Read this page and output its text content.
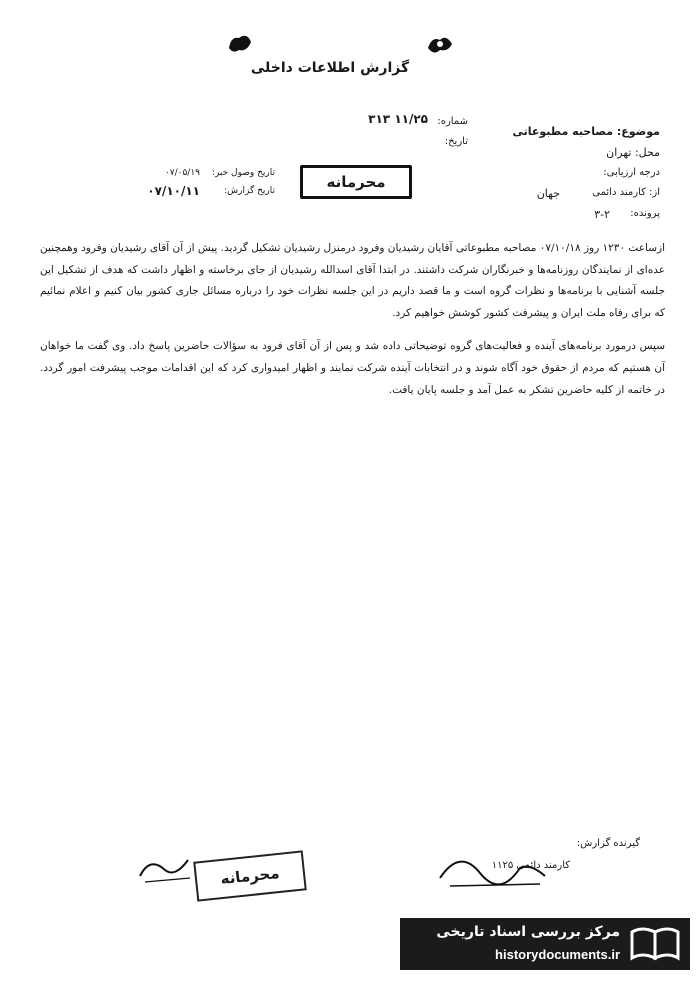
گزارش اطلاعات داخلی
شماره:
۱۱/۲۵ ۳۱۳
تاریخ:
موضوع: مصاحبه مطبوعاتی
محل: تهران
درجه ارزیابی:
محرمانه
تاریخ وصول خبر:
۰۷/۰۵/۱۹
تاریخ گزارش:
۰۷/۱۰/۱۱	از: کارمند دائمی
جهان
پرونده:
۳-۲

ازساعت ۱۲۳۰ روز ۰۷/۱۰/۱۸ مصاحبه مطبوعاتی آقایان رشیدیان وفرود درمنزل رشیدیان تشکیل گردید. پیش از آن آقای رشیدیان وفرود وهمچنین عده‌ای از نمایندگان روزنامه‌ها و خبرنگاران شرکت داشتند. در ابتدا آقای اسدالله رشیدیان از جای برخاسته و اظهار داشت که هدف از تشکیل این جلسه آشنایی با برنامه‌ها و نظرات گروه است و ما قصد داریم در این جلسه نظرات خود را درباره مسائل جاری کشور بیان کنیم و اعلام نمائیم که برای رفاه ملت ایران و پیشرفت کشور کوشش خواهیم کرد.

سپس درمورد برنامه‌های آینده و فعالیت‌های گروه توضیحاتی داده شد و پس از آن آقای فرود به سؤالات حاضرین پاسخ داد. وی گفت ما خواهان آن هستیم که مردم از حقوق خود آگاه شوند و در انتخابات آینده شرکت نمایند و اظهار امیدواری کرد که این اقدامات موجب پیشرفت امور گردد. در خاتمه از کلیه حاضرین تشکر به عمل آمد و جلسه پایان یافت.

گیرنده گزارش:
کارمند دائمی ۱۱۲۵
محرمانه
مرکز بررسی اسناد تاریخی
historydocuments.ir
